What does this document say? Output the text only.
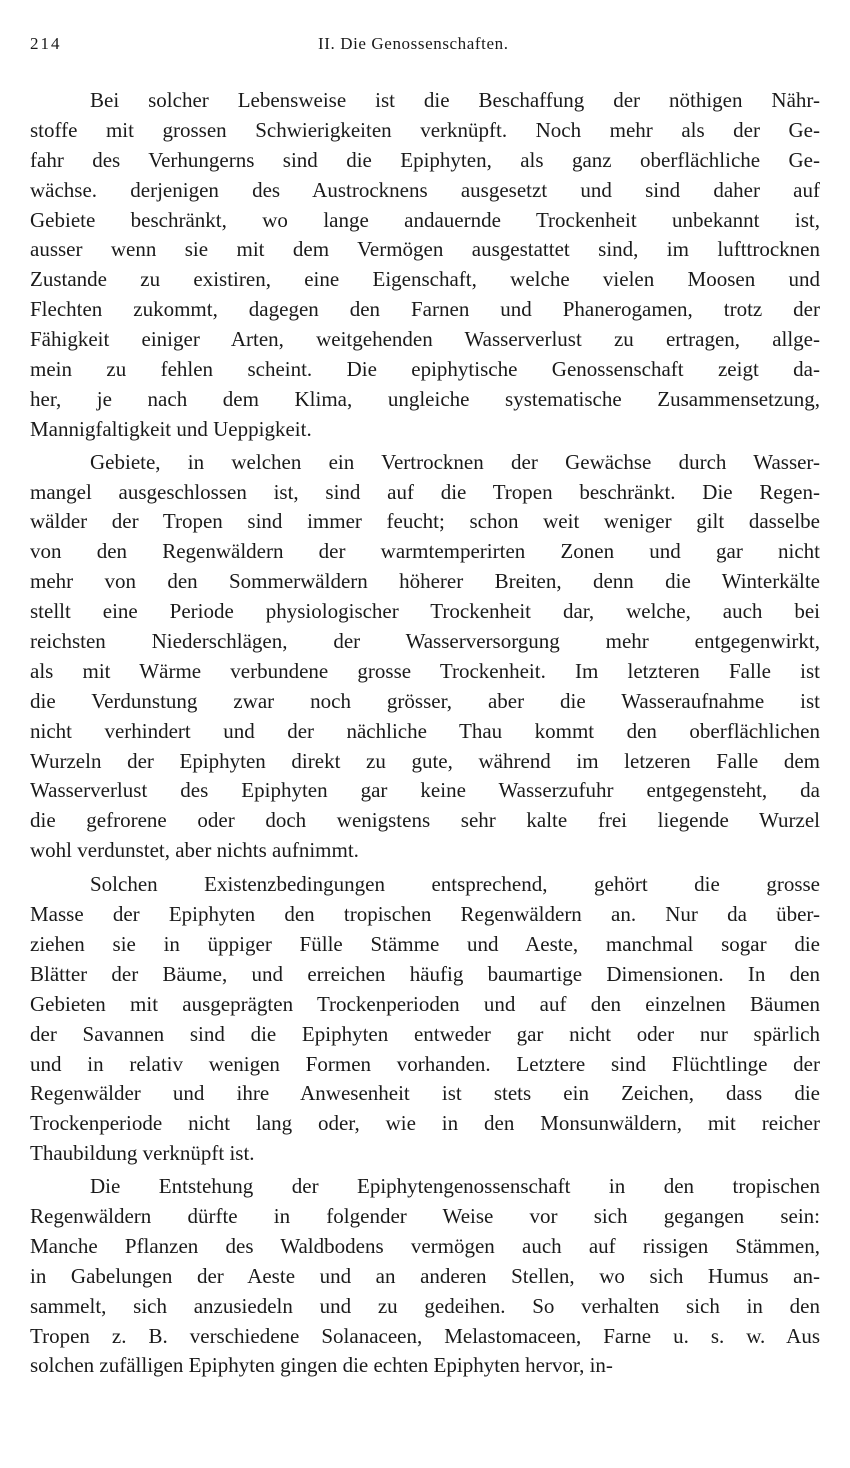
214	II. Die Genossenschaften.
Bei solcher Lebensweise ist die Beschaffung der nöthigen Nähr-
stoffe mit grossen Schwierigkeiten verknüpft. Noch mehr als der Ge-
fahr des Verhungerns sind die Epiphyten, als ganz oberflächliche Ge-
wächse. derjenigen des Austrocknens ausgesetzt und sind daher auf
Gebiete beschränkt, wo lange andauernde Trockenheit unbekannt ist,
ausser wenn sie mit dem Vermögen ausgestattet sind, im lufttrocknen
Zustande zu existiren, eine Eigenschaft, welche vielen Moosen und
Flechten zukommt, dagegen den Farnen und Phanerogamen, trotz der
Fähigkeit einiger Arten, weitgehenden Wasserverlust zu ertragen, allge-
mein zu fehlen scheint. Die epiphytische Genossenschaft zeigt da-
her, je nach dem Klima, ungleiche systematische Zusammensetzung,
Mannigfaltigkeit und Ueppigkeit.
Gebiete, in welchen ein Vertrocknen der Gewächse durch Wasser-
mangel ausgeschlossen ist, sind auf die Tropen beschränkt. Die Regen-
wälder der Tropen sind immer feucht; schon weit weniger gilt dasselbe
von den Regenwäldern der warmtemperirten Zonen und gar nicht
mehr von den Sommerwäldern höherer Breiten, denn die Winterkälte
stellt eine Periode physiologischer Trockenheit dar, welche, auch bei
reichsten Niederschlägen, der Wasserversorgung mehr entgegenwirkt,
als mit Wärme verbundene grosse Trockenheit. Im letzteren Falle ist
die Verdunstung zwar noch grösser, aber die Wasseraufnahme ist
nicht verhindert und der nächliche Thau kommt den oberflächlichen
Wurzeln der Epiphyten direkt zu gute, während im letzeren Falle dem
Wasserverlust des Epiphyten gar keine Wasserzufuhr entgegensteht, da
die gefrorene oder doch wenigstens sehr kalte frei liegende Wurzel
wohl verdunstet, aber nichts aufnimmt.
Solchen Existenzbedingungen entsprechend, gehört die grosse
Masse der Epiphyten den tropischen Regenwäldern an. Nur da über-
ziehen sie in üppiger Fülle Stämme und Aeste, manchmal sogar die
Blätter der Bäume, und erreichen häufig baumartige Dimensionen. In den
Gebieten mit ausgeprägten Trockenperioden und auf den einzelnen Bäumen
der Savannen sind die Epiphyten entweder gar nicht oder nur spärlich
und in relativ wenigen Formen vorhanden. Letztere sind Flüchtlinge der
Regenwälder und ihre Anwesenheit ist stets ein Zeichen, dass die
Trockenperiode nicht lang oder, wie in den Monsunwäldern, mit reicher
Thaubildung verknüpft ist.
Die Entstehung der Epiphytengenossenschaft in den tropischen
Regenwäldern dürfte in folgender Weise vor sich gegangen sein:
Manche Pflanzen des Waldbodens vermögen auch auf rissigen Stämmen,
in Gabelungen der Aeste und an anderen Stellen, wo sich Humus an-
sammelt, sich anzusiedeln und zu gedeihen. So verhalten sich in den
Tropen z. B. verschiedene Solanaceen, Melastomaceen, Farne u. s. w. Aus
solchen zufälligen Epiphyten gingen die echten Epiphyten hervor, in-
